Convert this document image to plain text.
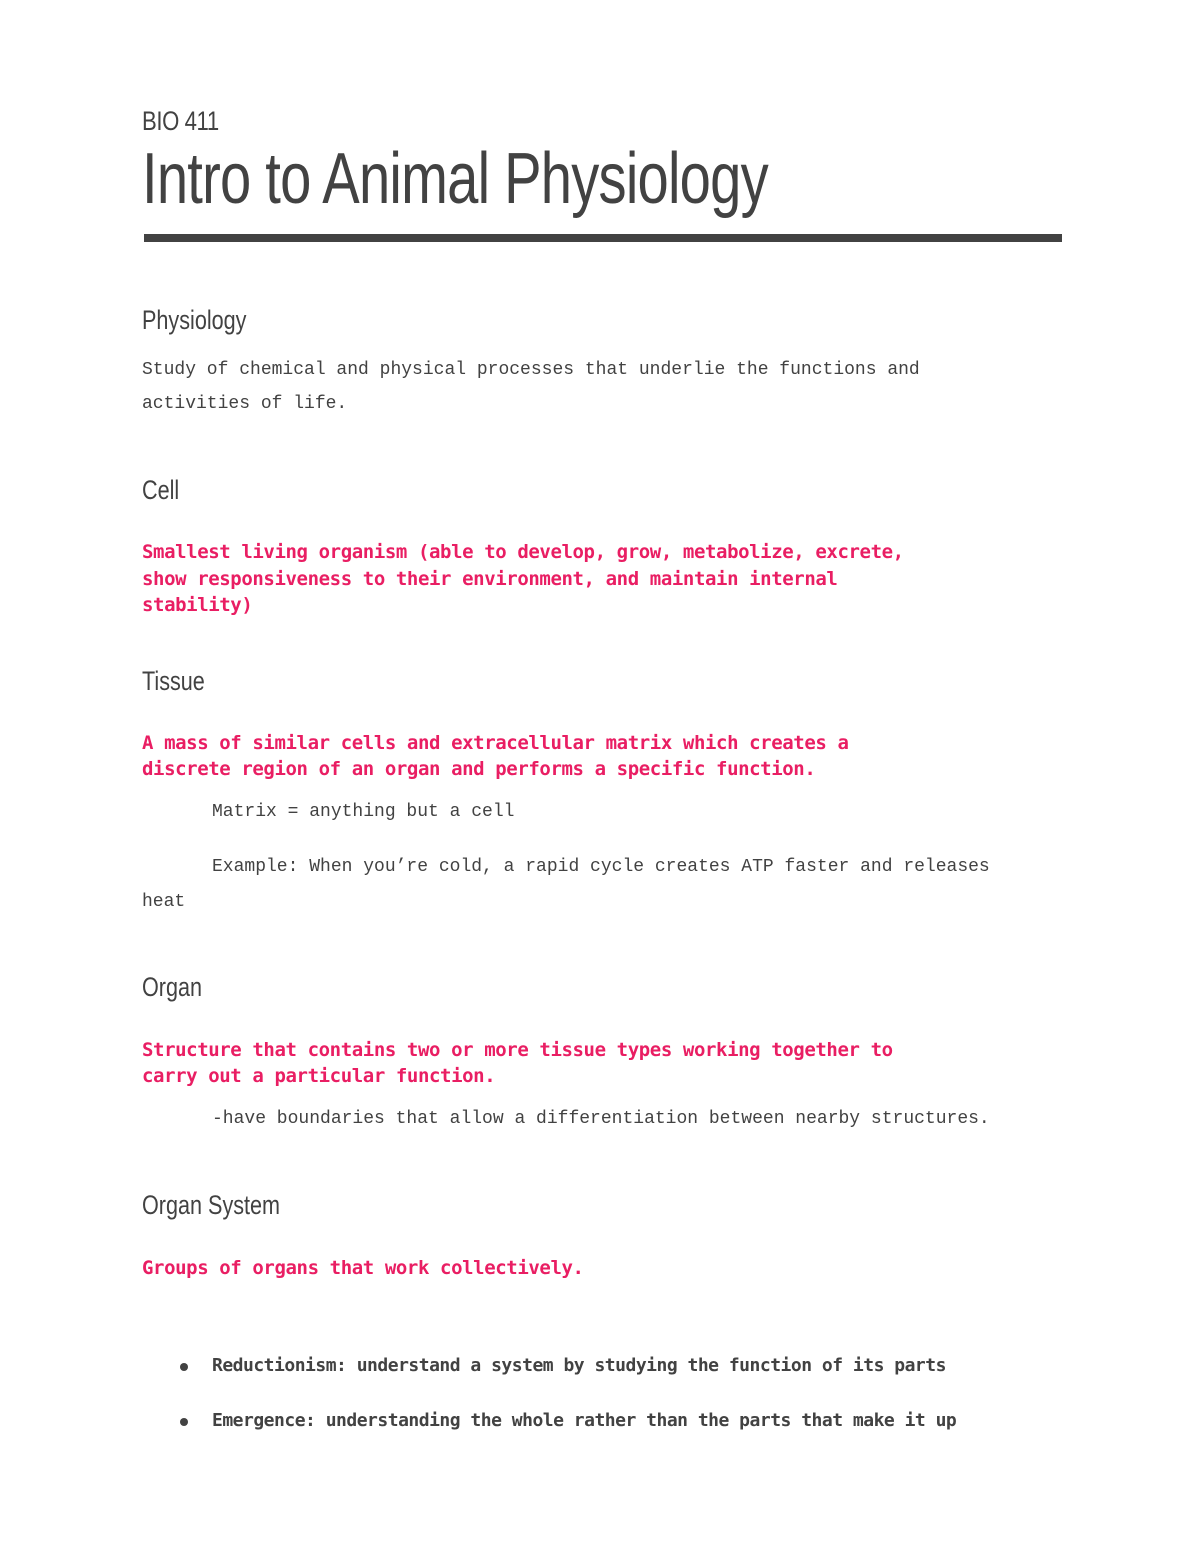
BIO 411
Intro to Animal Physiology
Physiology
Study of chemical and physical processes that underlie the functions and
activities of life.
Cell
Smallest living organism (able to develop, grow, metabolize, excrete,
show responsiveness to their environment, and maintain internal
stability)
Tissue
A mass of similar cells and extracellular matrix which creates a
discrete region of an organ and performs a specific function.
Matrix = anything but a cell
Example: When you’re cold, a rapid cycle creates ATP faster and releases
heat
Organ
Structure that contains two or more tissue types working together to
carry out a particular function.
-have boundaries that allow a differentiation between nearby structures.
Organ System
Groups of organs that work collectively.
Reductionism: understand a system by studying the function of its parts
Emergence: understanding the whole rather than the parts that make it up
